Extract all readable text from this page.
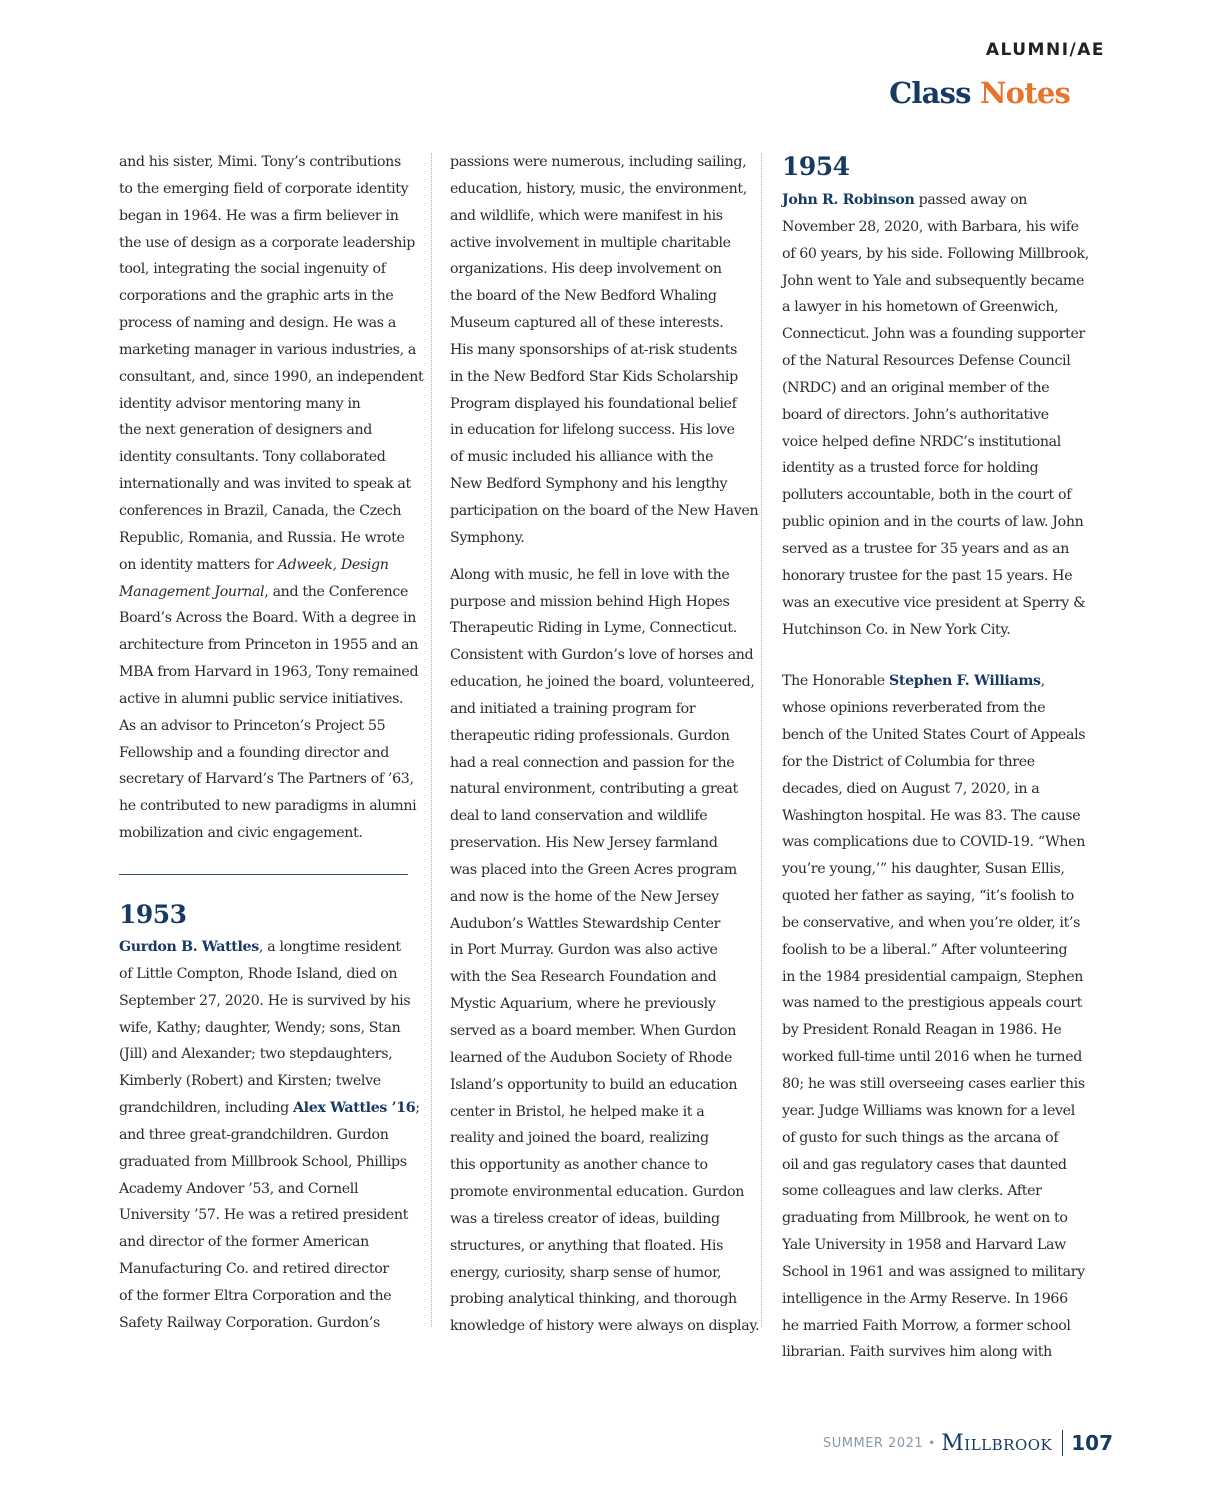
ALUMNI/AE
Class Notes
and his sister, Mimi. Tony’s contributions
to the emerging field of corporate identity
began in 1964. He was a firm believer in
the use of design as a corporate leadership
tool, integrating the social ingenuity of
corporations and the graphic arts in the
process of naming and design. He was a
marketing manager in various industries, a
consultant, and, since 1990, an independent
identity advisor mentoring many in
the next generation of designers and
identity consultants. Tony collaborated
internationally and was invited to speak at
conferences in Brazil, Canada, the Czech
Republic, Romania, and Russia. He wrote
on identity matters for Adweek, Design
Management Journal, and the Conference
Board’s Across the Board. With a degree in
architecture from Princeton in 1955 and an
MBA from Harvard in 1963, Tony remained
active in alumni public service initiatives.
As an advisor to Princeton’s Project 55
Fellowship and a founding director and
secretary of Harvard’s The Partners of ’63,
he contributed to new paradigms in alumni
mobilization and civic engagement.
1953
Gurdon B. Wattles, a longtime resident
of Little Compton, Rhode Island, died on
September 27, 2020. He is survived by his
wife, Kathy; daughter, Wendy; sons, Stan
(Jill) and Alexander; two stepdaughters,
Kimberly (Robert) and Kirsten; twelve
grandchildren, including Alex Wattles ’16;
and three great-grandchildren. Gurdon
graduated from Millbrook School, Phillips
Academy Andover ’53, and Cornell
University ’57. He was a retired president
and director of the former American
Manufacturing Co. and retired director
of the former Eltra Corporation and the
Safety Railway Corporation. Gurdon’s
passions were numerous, including sailing,
education, history, music, the environment,
and wildlife, which were manifest in his
active involvement in multiple charitable
organizations. His deep involvement on
the board of the New Bedford Whaling
Museum captured all of these interests.
His many sponsorships of at-risk students
in the New Bedford Star Kids Scholarship
Program displayed his foundational belief
in education for lifelong success. His love
of music included his alliance with the
New Bedford Symphony and his lengthy
participation on the board of the New Haven
Symphony.
Along with music, he fell in love with the
purpose and mission behind High Hopes
Therapeutic Riding in Lyme, Connecticut.
Consistent with Gurdon’s love of horses and
education, he joined the board, volunteered,
and initiated a training program for
therapeutic riding professionals. Gurdon
had a real connection and passion for the
natural environment, contributing a great
deal to land conservation and wildlife
preservation. His New Jersey farmland
was placed into the Green Acres program
and now is the home of the New Jersey
Audubon’s Wattles Stewardship Center
in Port Murray. Gurdon was also active
with the Sea Research Foundation and
Mystic Aquarium, where he previously
served as a board member. When Gurdon
learned of the Audubon Society of Rhode
Island’s opportunity to build an education
center in Bristol, he helped make it a
reality and joined the board, realizing
this opportunity as another chance to
promote environmental education. Gurdon
was a tireless creator of ideas, building
structures, or anything that floated. His
energy, curiosity, sharp sense of humor,
probing analytical thinking, and thorough
knowledge of history were always on display.
1954
John R. Robinson passed away on
November 28, 2020, with Barbara, his wife
of 60 years, by his side. Following Millbrook,
John went to Yale and subsequently became
a lawyer in his hometown of Greenwich,
Connecticut. John was a founding supporter
of the Natural Resources Defense Council
(NRDC) and an original member of the
board of directors. John’s authoritative
voice helped define NRDC’s institutional
identity as a trusted force for holding
polluters accountable, both in the court of
public opinion and in the courts of law. John
served as a trustee for 35 years and as an
honorary trustee for the past 15 years. He
was an executive vice president at Sperry &
Hutchinson Co. in New York City.
The Honorable Stephen F. Williams,
whose opinions reverberated from the
bench of the United States Court of Appeals
for the District of Columbia for three
decades, died on August 7, 2020, in a
Washington hospital. He was 83. The cause
was complications due to COVID-19. “When
you’re young,’” his daughter, Susan Ellis,
quoted her father as saying, “it’s foolish to
be conservative, and when you’re older, it’s
foolish to be a liberal.” After volunteering
in the 1984 presidential campaign, Stephen
was named to the prestigious appeals court
by President Ronald Reagan in 1986. He
worked full-time until 2016 when he turned
80; he was still overseeing cases earlier this
year. Judge Williams was known for a level
of gusto for such things as the arcana of
oil and gas regulatory cases that daunted
some colleagues and law clerks. After
graduating from Millbrook, he went on to
Yale University in 1958 and Harvard Law
School in 1961 and was assigned to military
intelligence in the Army Reserve. In 1966
he married Faith Morrow, a former school
librarian. Faith survives him along with
SUMMER 2021 • Millbrook 107
